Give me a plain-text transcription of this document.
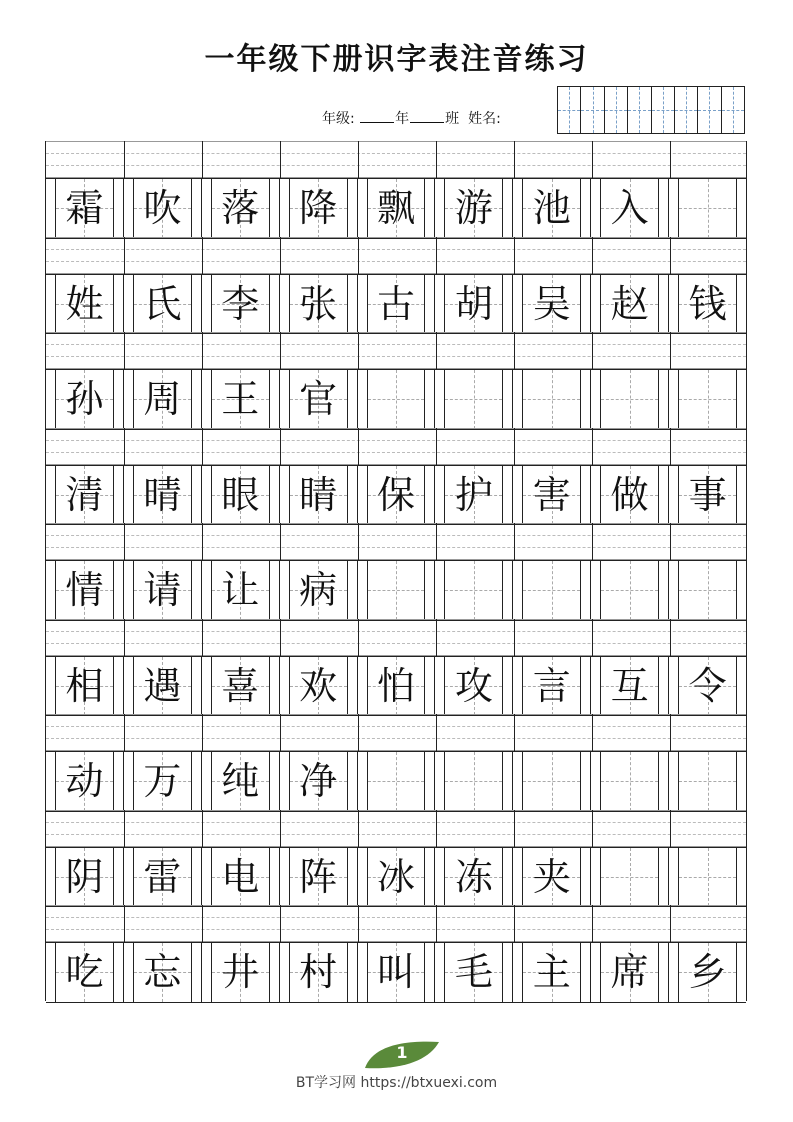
一年级下册识字表注音练习
年级:	年	班 姓名:
霜	吹	落	降	飘	游	池	入
姓	氏	李	张	古	胡	吴	赵	钱
孙	周	王	官
清	晴	眼	睛	保	护	害	做	事
情	请	让	病
相	遇	喜	欢	怕	攻	言	互	令
动	万	纯	净
阴	雷	电	阵	冰	冻	夹
吃	忘	井	村	叫	毛	主	席	乡
1
BT学习网 https://btxuexi.com
